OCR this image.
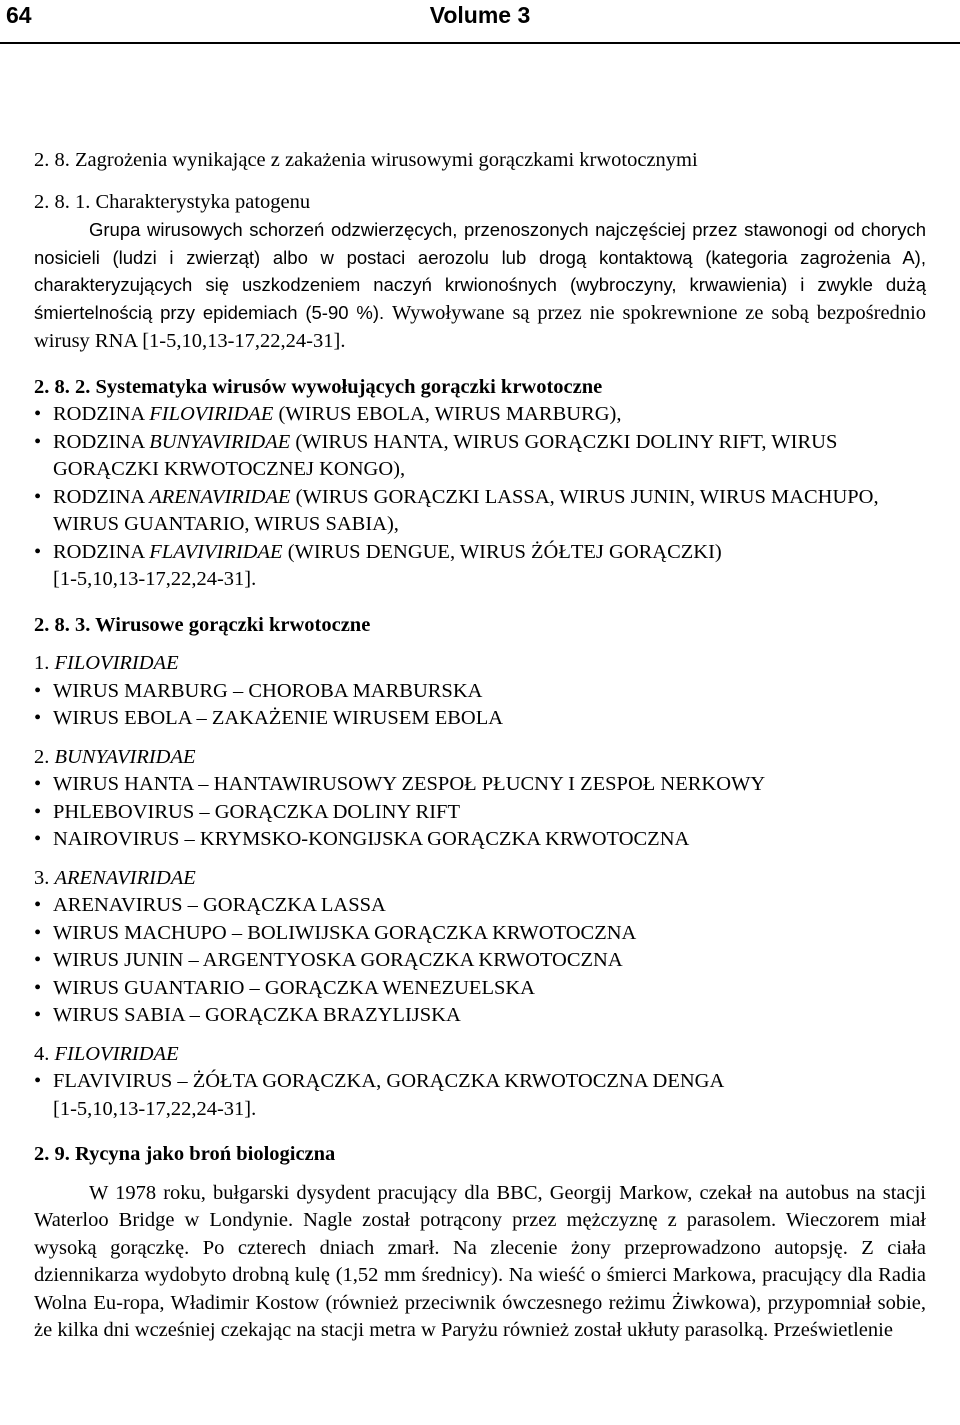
64	Volume 3

2. 8. Zagrożenia wynikające z zakażenia wirusowymi gorączkami krwotocznymi

2. 8. 1. Charakterystyka patogenu

Grupa wirusowych schorzeń odzwierzęcych, przenoszonych najczęściej przez stawonogi od chorych nosicieli (ludzi i zwierząt) albo w postaci aerozolu lub drogą kontaktową (kategoria zagrożenia A), charakteryzujących się uszkodzeniem naczyń krwionośnych (wybroczyny, krwawienia) i zwykle dużą śmiertelnością przy epidemiach (5-90 %). Wywoływane są przez nie spokrewnione ze sobą bezpośrednio wirusy RNA [1-5,10,13-17,22,24-31].

2. 8. 2. Systematyka wirusów wywołujących gorączki krwotoczne

• RODZINA FILOVIRIDAE (WIRUS EBOLA, WIRUS MARBURG),
• RODZINA BUNYAVIRIDAE (WIRUS HANTA, WIRUS GORĄCZKI DOLINY RIFT, WIRUS GORĄCZKI KRWOTOCZNEJ KONGO),
• RODZINA ARENAVIRIDAE (WIRUS GORĄCZKI LASSA, WIRUS JUNIN, WIRUS MACHUPO, WIRUS GUANTARIO, WIRUS SABIA),
• RODZINA FLAVIVIRIDAE (WIRUS DENGUE, WIRUS ŻÓŁTEJ GORĄCZKI)

[1-5,10,13-17,22,24-31].

2. 8. 3. Wirusowe gorączki krwotoczne

1. FILOVIRIDAE

• WIRUS MARBURG – CHOROBA MARBURSKA
• WIRUS EBOLA – ZAKAŻENIE WIRUSEM EBOLA

2. BUNYAVIRIDAE

• WIRUS HANTA – HANTAWIRUSOWY ZESPOŁ PŁUCNY I ZESPOŁ NERKOWY
• PHLEBOVIRUS – GORĄCZKA DOLINY RIFT
• NAIROVIRUS – KRYMSKO-KONGIJSKA GORĄCZKA KRWOTOCZNA

3. ARENAVIRIDAE

• ARENAVIRUS – GORĄCZKA LASSA
• WIRUS MACHUPO – BOLIWIJSKA GORĄCZKA KRWOTOCZNA
• WIRUS JUNIN – ARGENTYOSKA GORĄCZKA KRWOTOCZNA
• WIRUS GUANTARIO – GORĄCZKA WENEZUELSKA
• WIRUS SABIA – GORĄCZKA BRAZYLIJSKA

4. FILOVIRIDAE

• FLAVIVIRUS – ŻÓŁTA GORĄCZKA, GORĄCZKA KRWOTOCZNA DENGA

[1-5,10,13-17,22,24-31].

2. 9. Rycyna jako broń biologiczna

W 1978 roku, bułgarski dysydent pracujący dla BBC, Georgij Markow, czekał na autobus na stacji Waterloo Bridge w Londynie. Nagle został potrącony przez mężczyznę z parasolem. Wieczorem miał wysoką gorączkę. Po czterech dniach zmarł. Na zlecenie żony przeprowadzono autopsję. Z ciała dziennikarza wydobyto drobną kulę (1,52 mm średnicy). Na wieść o śmierci Markowa, pracujący dla Radia Wolna Eu-ropa, Władimir Kostow (również przeciwnik ówczesnego reżimu Żiwkowa), przypomniał sobie, że kilka dni wcześniej czekając na stacji metra w Paryżu również został ukłuty parasolką. Prześwietlenie
